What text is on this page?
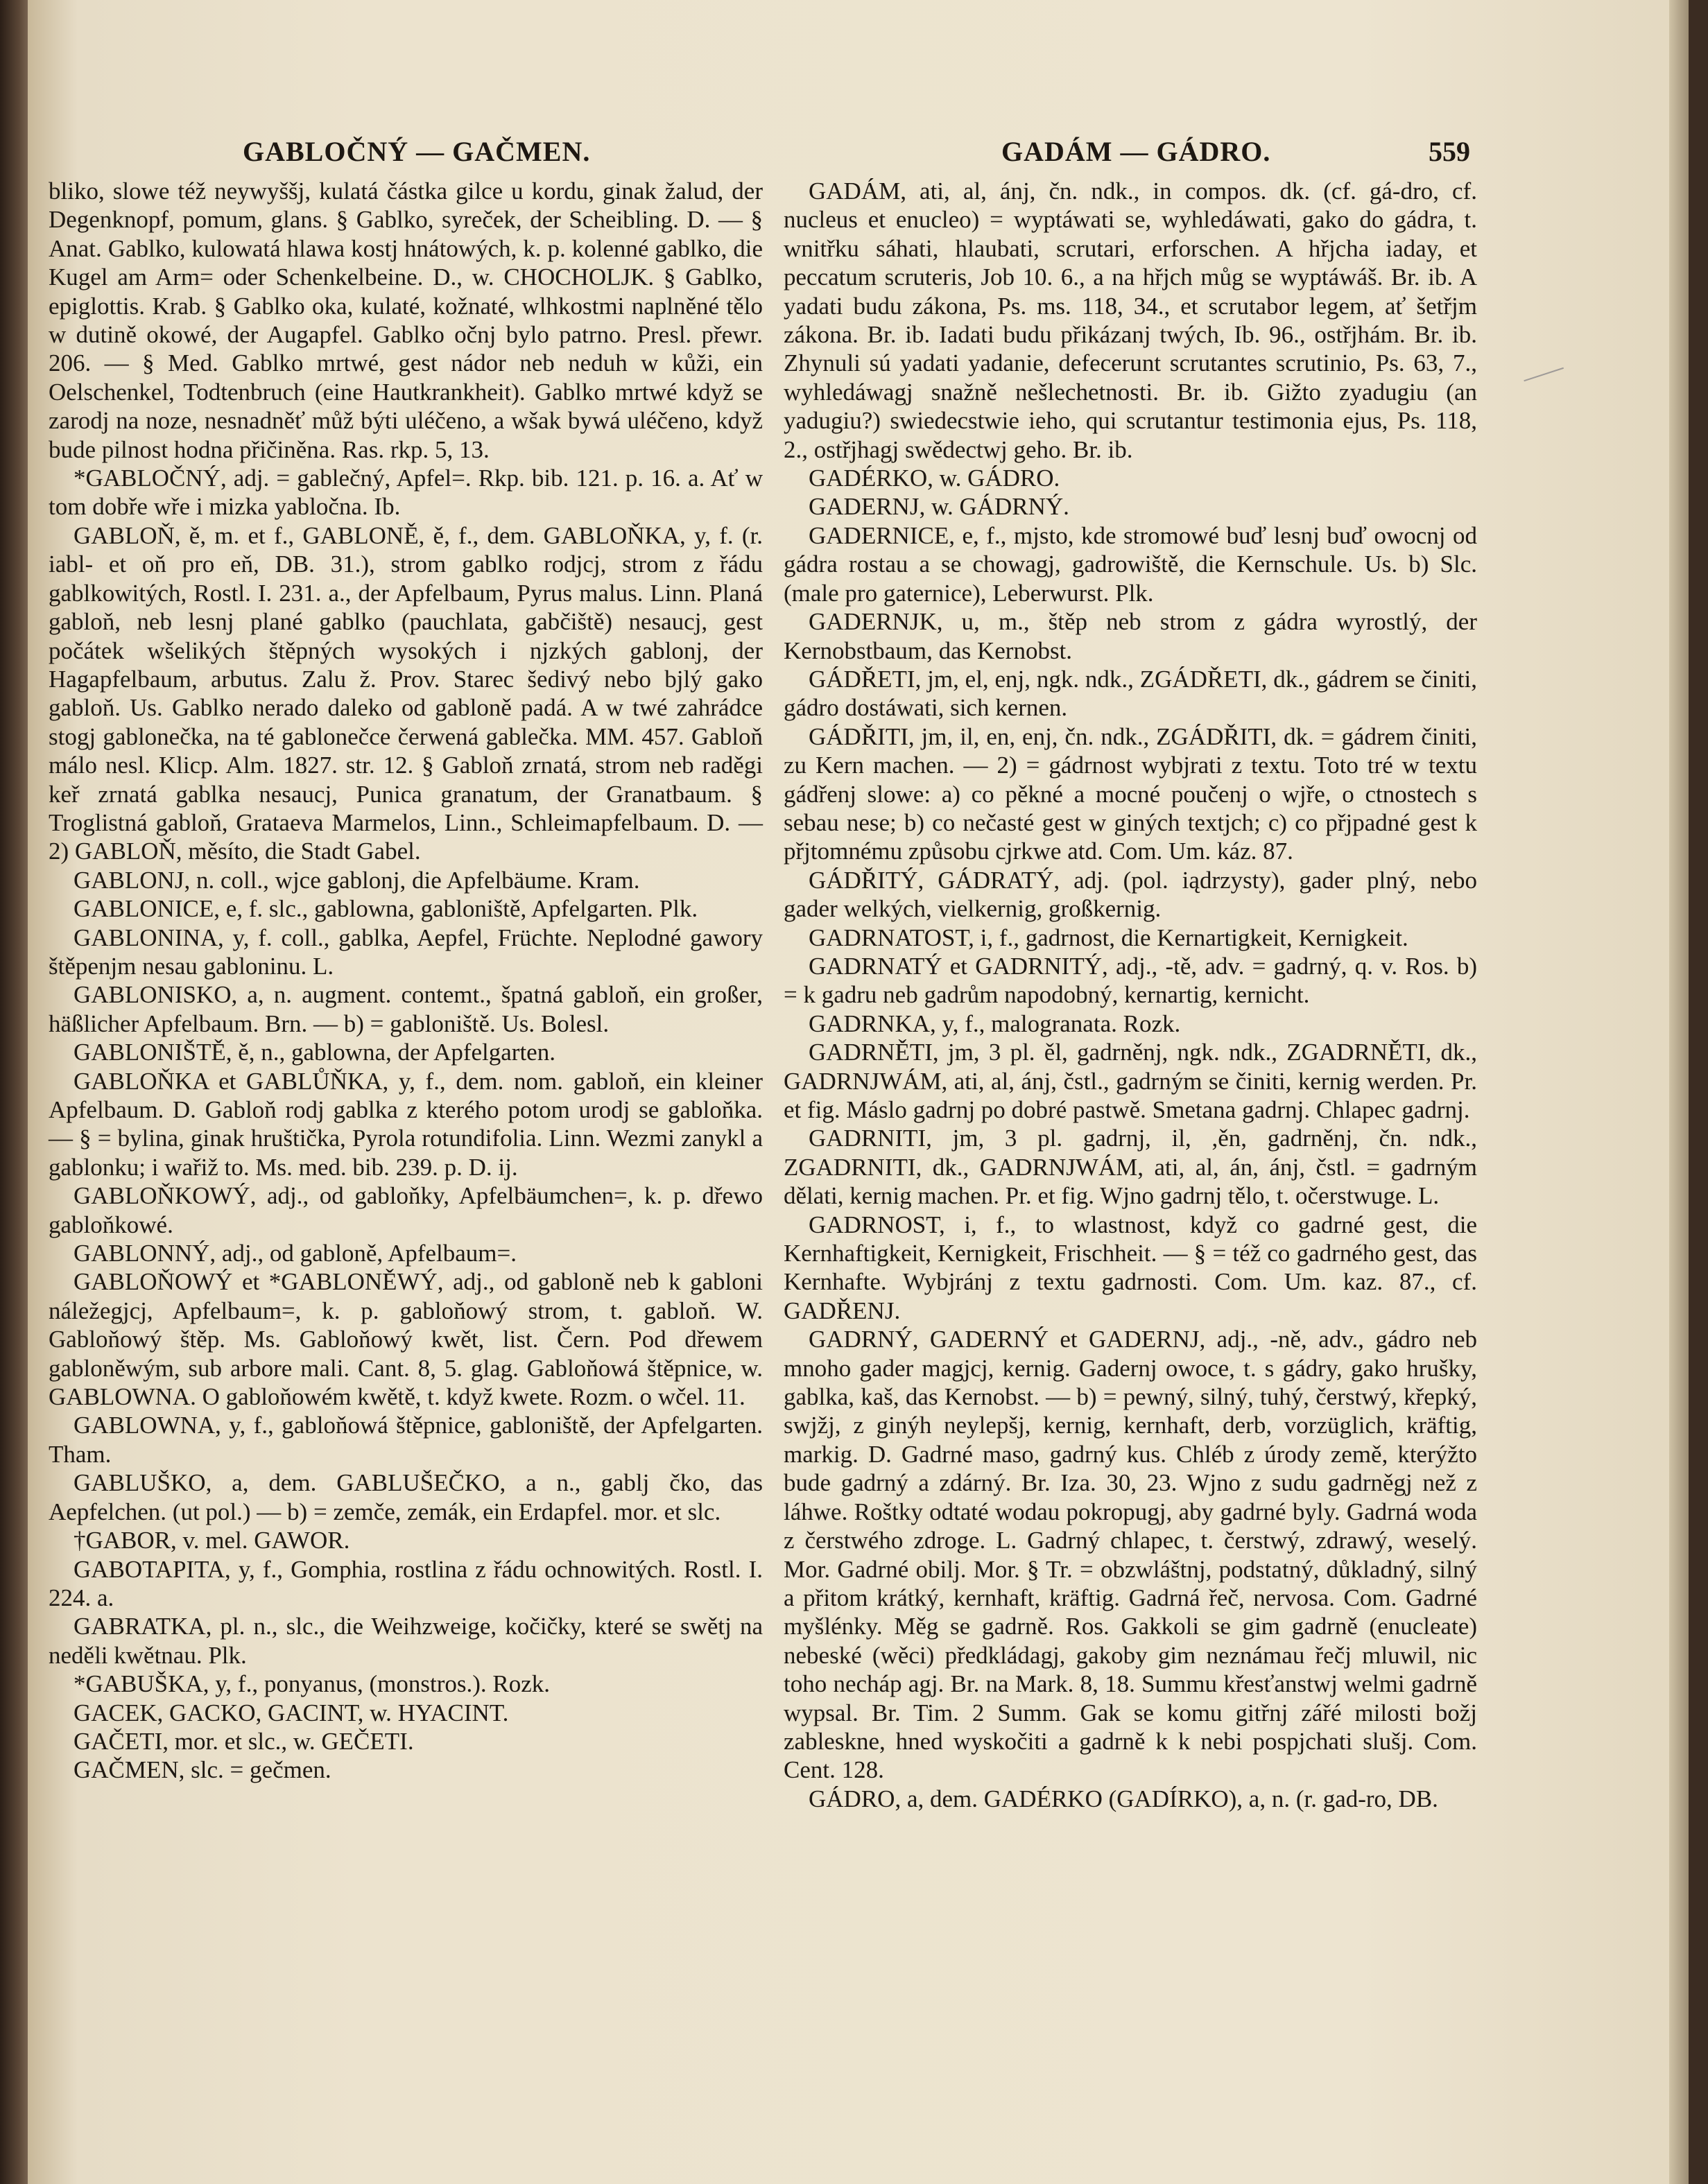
GABLOČNÝ — GAČMEN.	GADÁM — GÁDRO.	559

bliko, slowe též neywyššj, kulatá částka gilce u kordu, ginak žalud, der Degenknopf, pomum, glans. § Gablko, syreček, der Scheibling. D. — § Anat. Gablko, kulowatá hlawa kostj hnátowých, k. p. kolenné gablko, die Kugel am Arm= oder Schenkelbeine. D., w. CHOCHOLJK. § Gablko, epiglottis. Krab. § Gablko oka, kulaté, kožnaté, wlhkostmi naplněné tělo w dutině okowé, der Augapfel. Gablko očnj bylo patrno. Presl. přewr. 206. — § Med. Gablko mrtwé, gest nádor neb neduh w kůži, ein Oelschenkel, Todtenbruch (eine Hautkrankheit). Gablko mrtwé když se zarodj na noze, nesnadněť můž býti uléčeno, a wšak bywá uléčeno, když bude pilnost hodna přičiněna. Ras. rkp. 5, 13.

*GABLOČNÝ, adj. = gablečný, Apfel=. Rkp. bib. 121. p. 16. a. Ať w tom dobře wře i mizka yabločna. Ib.

GABLOŇ, ě, m. et f., GABLONĚ, ě, f., dem. GABLOŇKA, y, f. (r. iabl- et oň pro eň, DB. 31.), strom gablko rodjcj, strom z řádu gablkowitých, Rostl. I. 231. a., der Apfelbaum, Pyrus malus. Linn. Planá gabloň, neb lesnj plané gablko (pauchlata, gabčiště) nesaucj, gest počátek wšelikých štěpných wysokých i njzkých gablonj, der Hagapfelbaum, arbutus. Zalu ž. Prov. Starec šedivý nebo bjlý gako gabloň. Us. Gablko nerado daleko od gabloně padá. A w twé zahrádce stogj gablonečka, na té gablonečce čerwená gablečka. MM. 457. Gabloň málo nesl. Klicp. Alm. 1827. str. 12. § Gabloň zrnatá, strom neb raděgi keř zrnatá gablka nesaucj, Punica granatum, der Granatbaum. § Troglistná gabloň, Grataeva Marmelos, Linn., Schleimapfelbaum. D. — 2) GABLOŇ, měsíto, die Stadt Gabel.

GABLONJ, n. coll., wjce gablonj, die Apfelbäume. Kram.

GABLONICE, e, f. slc., gablowna, gabloniště, Apfelgarten. Plk.

GABLONINA, y, f. coll., gablka, Aepfel, Früchte. Neplodné gawory štěpenjm nesau gabloninu. L.

GABLONISKO, a, n. augment. contemt., špatná gabloň, ein großer, häßlicher Apfelbaum. Brn. — b) = gabloniště. Us. Bolesl.

GABLONIŠTĚ, ě, n., gablowna, der Apfelgarten.

GABLOŇKA et GABLŮŇKA, y, f., dem. nom. gabloň, ein kleiner Apfelbaum. D. Gabloň rodj gablka z kterého potom urodj se gabloňka. — § = bylina, ginak hruštička, Pyrola rotundifolia. Linn. Wezmi zanykl a gablonku; i wařiž to. Ms. med. bib. 239. p. D. ij.

GABLOŇKOWÝ, adj., od gabloňky, Apfelbäumchen=, k. p. dřewo gabloňkowé.

GABLONNÝ, adj., od gabloně, Apfelbaum=.

GABLOŇOWÝ et *GABLONĚWÝ, adj., od gabloně neb k gabloni náležegjcj, Apfelbaum=, k. p. gabloňowý strom, t. gabloň. W. Gabloňowý štěp. Ms. Gabloňowý kwět, list. Čern. Pod dřewem gabloněwým, sub arbore mali. Cant. 8, 5. glag. Gabloňowá štěpnice, w. GABLOWNA. O gabloňowém kwětě, t. když kwete. Rozm. o wčel. 11.

GABLOWNA, y, f., gabloňowá štěpnice, gabloniště, der Apfelgarten. Tham.

GABLUŠKO, a, dem. GABLUŠEČKO, a n., gablj čko, das Aepfelchen. (ut pol.) — b) = zemče, zemák, ein Erdapfel. mor. et slc.

†GABOR, v. mel. GAWOR.

GABOTAPITA, y, f., Gomphia, rostlina z řádu ochnowitých. Rostl. I. 224. a.

GABRATKA, pl. n., slc., die Weihzweige, kočičky, které se swětj na neděli kwětnau. Plk.

*GABUŠKA, y, f., ponyanus, (monstros.). Rozk.

GACEK, GACKO, GACINT, w. HYACINT.

GAČETI, mor. et slc., w. GEČETI.

GAČMEN, slc. = gečmen.

GADÁM, ati, al, ánj, čn. ndk., in compos. dk. (cf. gá-dro, cf. nucleus et enucleo) = wyptáwati se, wyhledáwati, gako do gádra, t. wnitřku sáhati, hlaubati, scrutari, erforschen. A hřjcha iaday, et peccatum scruteris, Job 10. 6., a na hřjch můg se wyptáwáš. Br. ib. A yadati budu zákona, Ps. ms. 118, 34., et scrutabor legem, ať šetřjm zákona. Br. ib. Iadati budu přikázanj twých, Ib. 96., ostřjhám. Br. ib. Zhynuli sú yadati yadanie, defecerunt scrutantes scrutinio, Ps. 63, 7., wyhledáwagj snažně nešlechetnosti. Br. ib. Gižto zyadugiu (an yadugiu?) swiedecstwie ieho, qui scrutantur testimonia ejus, Ps. 118, 2., ostřjhagj swědectwj geho. Br. ib.

GADÉRKO, w. GÁDRO.

GADERNJ, w. GÁDRNÝ.

GADERNICE, e, f., mjsto, kde stromowé buď lesnj buď owocnj od gádra rostau a se chowagj, gadrowiště, die Kernschule. Us. b) Slc. (male pro gaternice), Leberwurst. Plk.

GADERNJK, u, m., štěp neb strom z gádra wyrostlý, der Kernobstbaum, das Kernobst.

GÁDŘETI, jm, el, enj, ngk. ndk., ZGÁDŘETI, dk., gádrem se činiti, gádro dostáwati, sich kernen.

GÁDŘITI, jm, il, en, enj, čn. ndk., ZGÁDŘITI, dk. = gádrem činiti, zu Kern machen. — 2) = gádrnost wybjrati z textu. Toto tré w textu gádřenj slowe: a) co pěkné a mocné poučenj o wjře, o ctnostech s sebau nese; b) co nečasté gest w giných textjch; c) co přjpadné gest k přjtomnému způsobu cjrkwe atd. Com. Um. káz. 87.

GÁDŘITÝ, GÁDRATÝ, adj. (pol. iądrzysty), gader plný, nebo gader welkých, vielkernig, großkernig.

GADRNATOST, i, f., gadrnost, die Kernartigkeit, Kernigkeit.

GADRNATÝ et GADRNITÝ, adj., -tě, adv. = gadrný, q. v. Ros. b) = k gadru neb gadrům napodobný, kernartig, kernicht.

GADRNKA, y, f., malogranata. Rozk.

GADRNĚTI, jm, 3 pl. ěl, gadrněnj, ngk. ndk., ZGADRNĚTI, dk., GADRNJWÁM, ati, al, ánj, čstl., gadrným se činiti, kernig werden. Pr. et fig. Máslo gadrnj po dobré pastwě. Smetana gadrnj. Chlapec gadrnj.

GADRNITI, jm, 3 pl. gadrnj, il, ,ěn, gadrněnj, čn. ndk., ZGADRNITI, dk., GADRNJWÁM, ati, al, án, ánj, čstl. = gadrným dělati, kernig machen. Pr. et fig. Wjno gadrnj tělo, t. očerstwuge. L.

GADRNOST, i, f., to wlastnost, když co gadrné gest, die Kernhaftigkeit, Kernigkeit, Frischheit. — § = též co gadrného gest, das Kernhafte. Wybjránj z textu gadrnosti. Com. Um. kaz. 87., cf. GADŘENJ.

GADRNÝ, GADERNÝ et GADERNJ, adj., -ně, adv., gádro neb mnoho gader magjcj, kernig. Gadernj owoce, t. s gádry, gako hrušky, gablka, kaš, das Kernobst. — b) = pewný, silný, tuhý, čerstwý, křepký, swjžj, z ginýh neylepšj, kernig, kernhaft, derb, vorzüglich, kräftig, markig. D. Gadrné maso, gadrný kus. Chléb z úrody země, kterýžto bude gadrný a zdárný. Br. Iza. 30, 23. Wjno z sudu gadrněgj než z láhwe. Roštky odtaté wodau pokropugj, aby gadrné byly. Gadrná woda z čerstwého zdroge. L. Gadrný chlapec, t. čerstwý, zdrawý, weselý. Mor. Gadrné obilj. Mor. § Tr. = obzwláštnj, podstatný, důkladný, silný a přitom krátký, kernhaft, kräftig. Gadrná řeč, nervosa. Com. Gadrné myšlénky. Měg se gadrně. Ros. Gakkoli se gim gadrně (enucleate) nebeské (wěci) předkládagj, gakoby gim neznámau řečj mluwil, nic toho necháp agj. Br. na Mark. 8, 18. Summu křesťanstwj welmi gadrně wypsal. Br. Tim. 2 Summ. Gak se komu gitřnj zářé milosti božj zableskne, hned wyskočiti a gadrně k k nebi pospjchati slušj. Com. Cent. 128.

GÁDRO, a, dem. GADÉRKO (GADÍRKO), a, n. (r. gad-ro, DB.
